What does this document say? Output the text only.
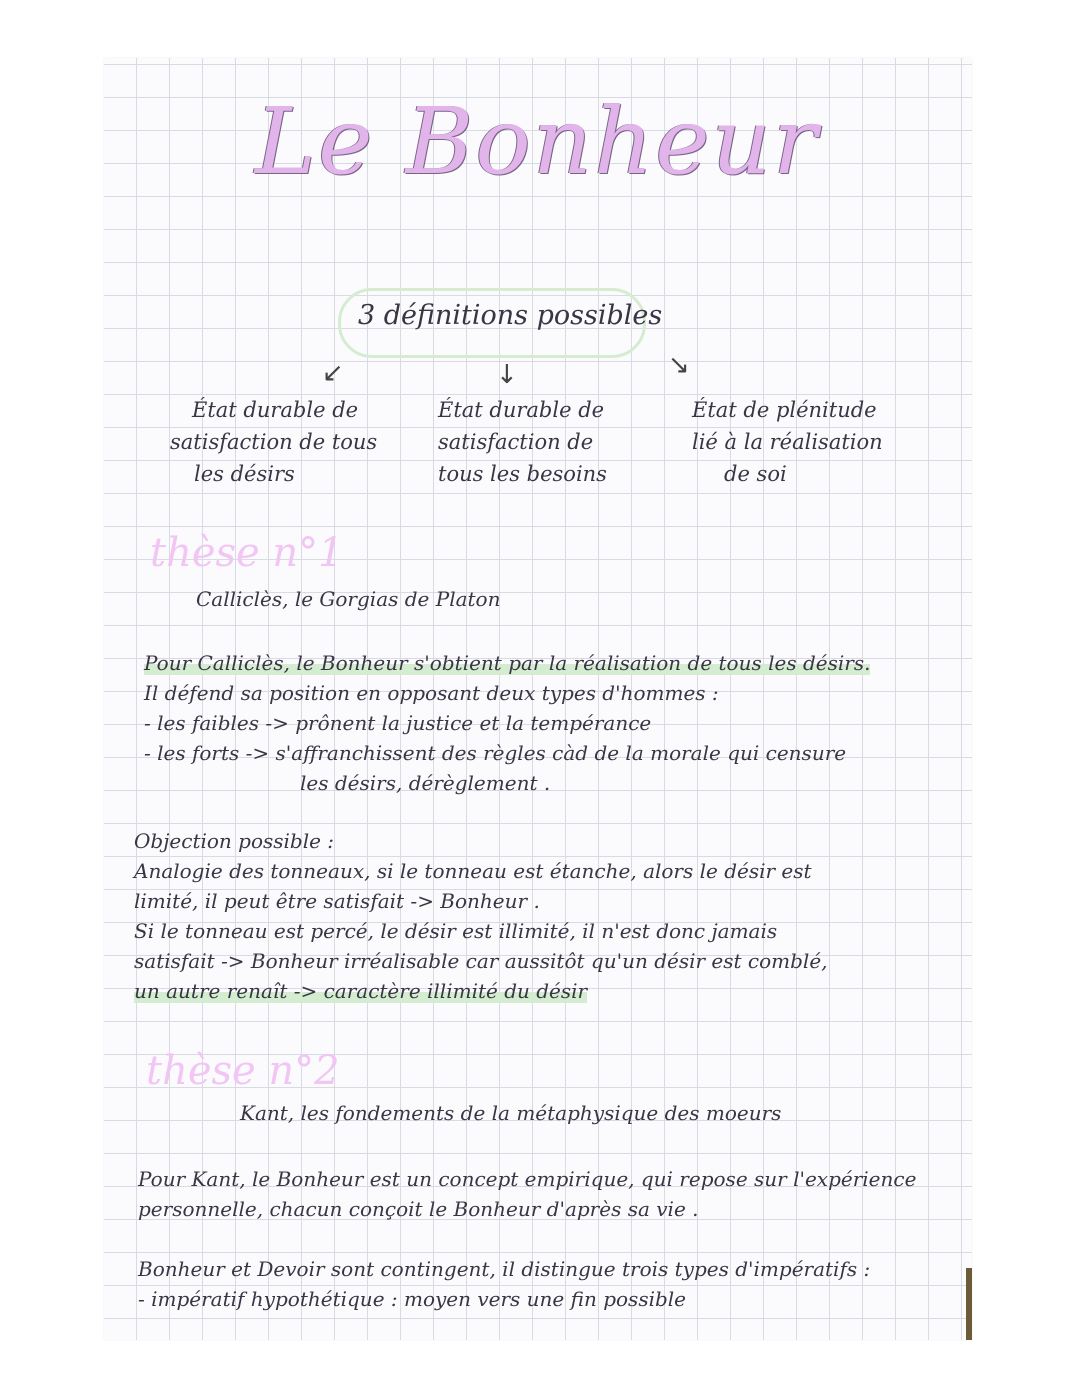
Le Bonheur
3 définitions possibles
↙	↓	↘
État durable de
satisfaction de tous
les désirs
État durable de
satisfaction de
tous les besoins
État de plénitude
lié à la réalisation
de soi
thèse n°1
Calliclès, le Gorgias de Platon
Pour Calliclès, le Bonheur s'obtient par la réalisation de tous les désirs.
Il défend sa position en opposant deux types d'hommes :
- les faibles -> prônent la justice et la tempérance
- les forts -> s'affranchissent des règles càd de la morale qui censure
les désirs, dérèglement .
Objection possible :
Analogie des tonneaux, si le tonneau est étanche, alors le désir est
limité, il peut être satisfait -> Bonheur .
Si le tonneau est percé, le désir est illimité, il n'est donc jamais
satisfait -> Bonheur irréalisable car aussitôt qu'un désir est comblé,
un autre renaît -> caractère illimité du désir
thèse n°2
Kant, les fondements de la métaphysique des moeurs
Pour Kant, le Bonheur est un concept empirique, qui repose sur l'expérience
personnelle, chacun conçoit le Bonheur d'après sa vie .
Bonheur et Devoir sont contingent, il distingue trois types d'impératifs :
- impératif hypothétique : moyen vers une fin possible
